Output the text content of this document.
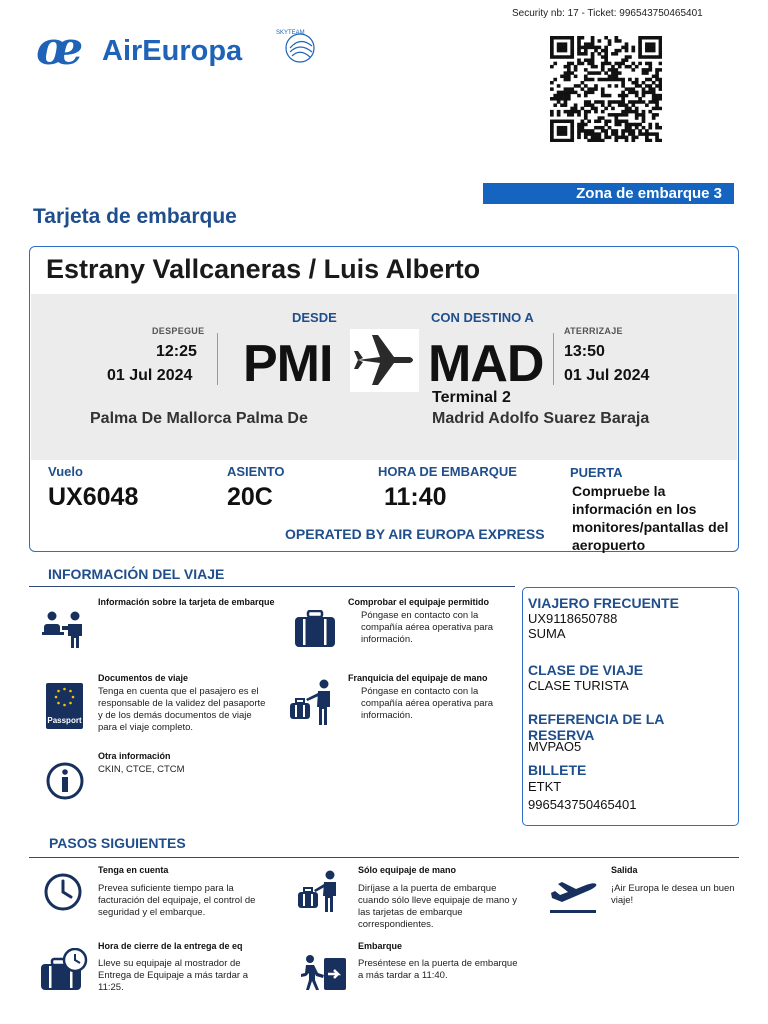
Security nb: 17 - Ticket: 996543750465401
œ AirEuropa
SKYTEAM
Zona de embarque 3
Tarjeta de embarque
Estrany Vallcaneras / Luis Alberto
DESPEGUE
12:25
01 Jul 2024
DESDE
PMI
Palma De Mallorca Palma De
CON DESTINO A
MAD
Terminal 2
Madrid Adolfo Suarez Baraja
ATERRIZAJE
13:50
01 Jul 2024
Vuelo
UX6048
ASIENTO
20C
HORA DE EMBARQUE
11:40
PUERTA
Compruebe la información en los monitores/pantallas del aeropuerto
OPERATED BY AIR EUROPA EXPRESS
INFORMACIÓN DEL VIAJE
Información sobre la tarjeta de embarque	Comprobar el equipaje permitido
Póngase en contacto con la compañía aérea operativa para información.
Passport
Documentos de viaje
Tenga en cuenta que el pasajero es el responsable de la validez del pasaporte y de los demás documentos de viaje para el viaje completo.
Franquicia del equipaje de mano
Póngase en contacto con la compañía aérea operativa para información.
Otra información
CKIN, CTCE, CTCM
VIAJERO FRECUENTE
UX9118650788
SUMA
CLASE DE VIAJE
CLASE TURISTA
REFERENCIA DE LA RESERVA
MVPAO5
BILLETE
ETKT
996543750465401
PASOS SIGUIENTES
Tenga en cuenta
Prevea suficiente tiempo para la facturación del equipaje, el control de seguridad y el embarque.
Sólo equipaje de mano
Diríjase a la puerta de embarque cuando sólo lleve equipaje de mano y las tarjetas de embarque correspondientes.
Salida
¡Air Europa le desea un buen viaje!
Hora de cierre de la entrega de eq
Lleve su equipaje al mostrador de Entrega de Equipaje a más tardar a 11:25.
Embarque
Preséntese en la puerta de embarque a más tardar a 11:40.
